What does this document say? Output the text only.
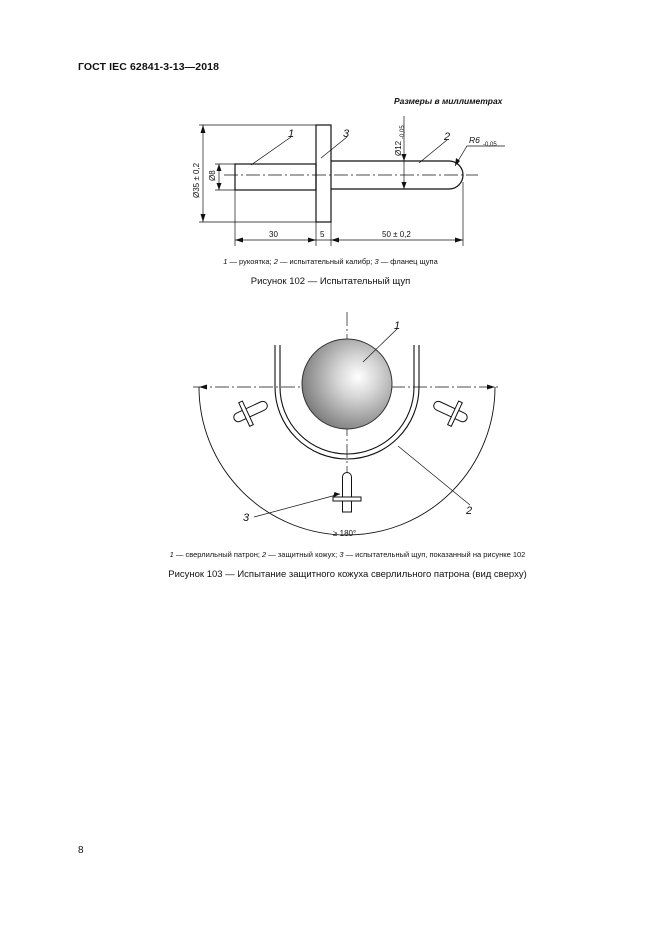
ГОСТ IEC 62841-3-13—2018
Размеры в миллиметрах
1	3	2
Ø35 ± 0,2 Ø8
Ø12
-0,05
R6 -0,05
30	5	50 ± 0,2
1 — рукоятка; 2 — испытательный калибр; 3 — фланец щупа
Рисунок 102 — Испытательный щуп
1
2
3
≥ 180°
1 — сверлильный патрон; 2 — защитный кожух; 3 — испытательный щуп, показанный на рисунке 102
Рисунок 103 — Испытание защитного кожуха сверлильного патрона (вид сверху)
8
